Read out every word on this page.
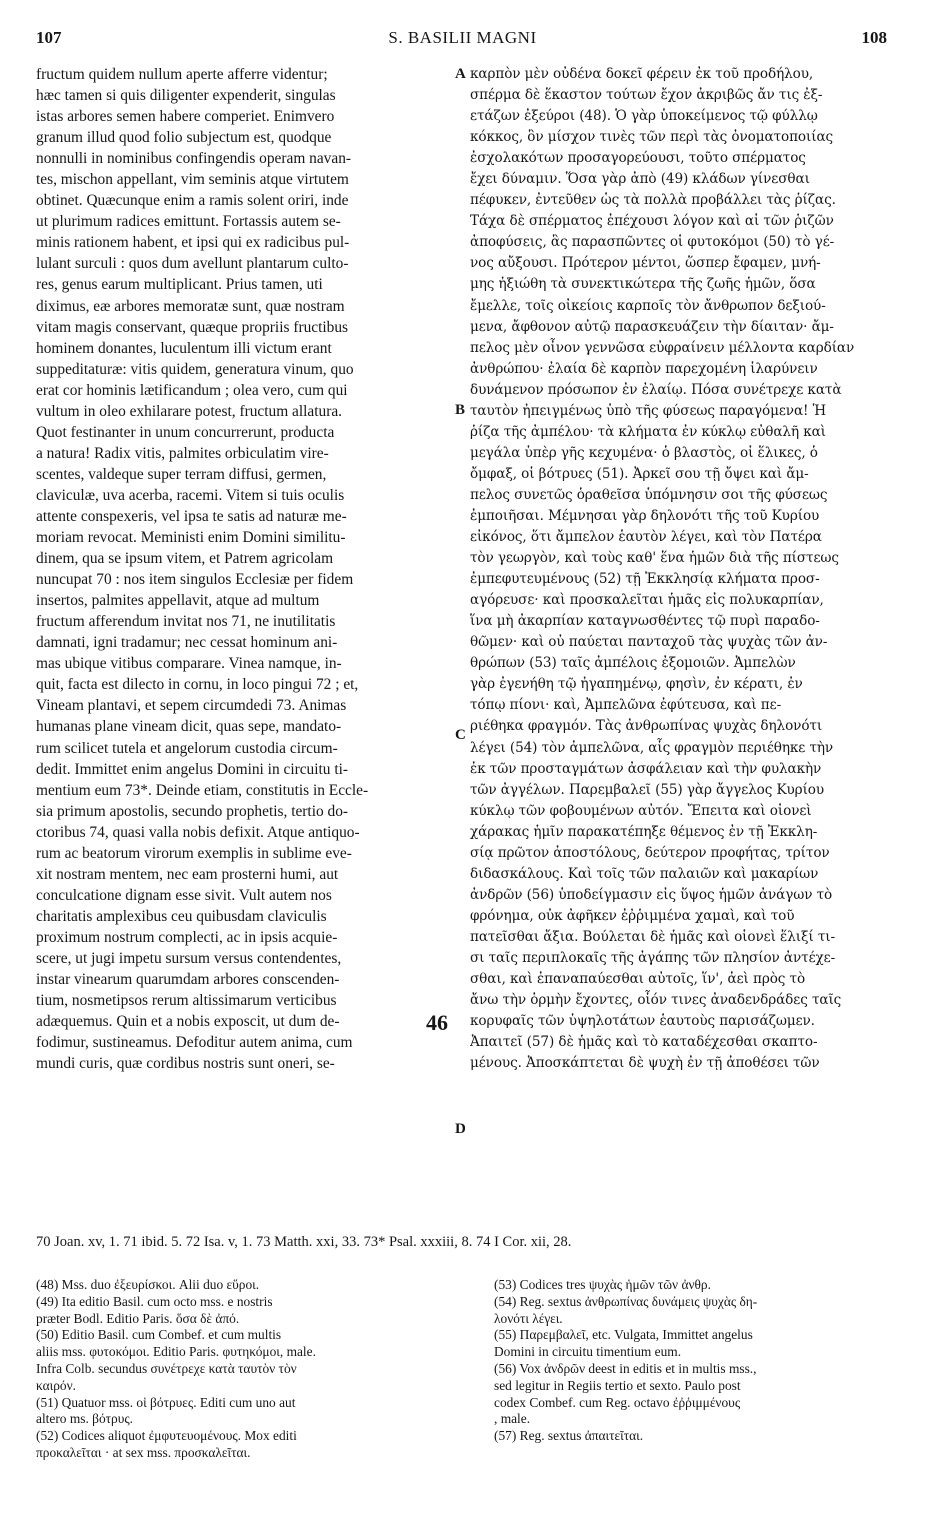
107	S. BASILII MAGNI	108
fructum quidem nullum aperte afferre videntur;
hæc tamen si quis diligenter expenderit, singulas
istas arbores semen habere comperiet. Enimvero
granum illud quod folio subjectum est, quodque
nonnulli in nominibus confingendis operam navan-
tes, mischon appellant, vim seminis atque virtutem
obtinet. Quæcunque enim a ramis solent oriri, inde
ut plurimum radices emittunt. Fortassis autem se-
minis rationem habent, et ipsi qui ex radicibus pul-
lulant surculi : quos dum avellunt plantarum culto-
res, genus earum multiplicant. Prius tamen, uti
diximus, eæ arbores memoratæ sunt, quæ nostram
vitam magis conservant, quæque propriis fructibus
hominem donantes, luculentum illi victum erant
suppeditaturæ: vitis quidem, generatura vinum, quo
erat cor hominis lætificandum ; olea vero, cum qui
vultum in oleo exhilarare potest, fructum allatura.
Quot festinanter in unum concurrerunt, producta
a natura! Radix vitis, palmites orbiculatim vire-
scentes, valdeque super terram diffusi, germen,
claviculæ, uva acerba, racemi. Vitem si tuis oculis
attente conspexeris, vel ipsa te satis ad naturæ me-
moriam revocat. Meministi enim Domini similitu-
dinem, qua se ipsum vitem, et Patrem agricolam
nuncupat 70 : nos item singulos Ecclesiæ per fidem
insertos, palmites appellavit, atque ad multum
fructum afferendum invitat nos 71, ne inutilitatis
damnati, igni tradamur; nec cessat hominum ani-
mas ubique vitibus comparare. Vinea namque, in-
quit, facta est dilecto in cornu, in loco pingui 72 ; et,
Vineam plantavi, et sepem circumdedi 73. Animas
humanas plane vineam dicit, quas sepe, mandato-
rum scilicet tutela et angelorum custodia circum-
dedit. Immittet enim angelus Domini in circuitu ti-
mentium eum 73*. Deinde etiam, constitutis in Eccle-
sia primum apostolis, secundo prophetis, tertio do-
ctoribus 74, quasi valla nobis defixit. Atque antiquo-
rum ac beatorum virorum exemplis in sublime eve-
xit nostram mentem, nec eam prosterni humi, aut
conculcatione dignam esse sivit. Vult autem nos
charitatis amplexibus ceu quibusdam claviculis
proximum nostrum complecti, ac in ipsis acquie-
scere, ut jugi impetu sursum versus contendentes,
instar vinearum quarumdam arbores conscenden-
tium, nosmetipsos rerum altissimarum verticibus
adæquemus. Quin et a nobis exposcit, ut dum de-
fodimur, sustineamus. Defoditur autem anima, cum
mundi curis, quæ cordibus nostris sunt oneri, se-
καρπὸν μὲν οὐδένα δοκεῖ φέρειν ἐκ τοῦ προδήλου,
σπέρμα δὲ ἕκαστον τούτων ἔχον ἀκριβῶς ἄν τις ἐξ-
ετάζων ἐξεύροι (48). Ὁ γὰρ ὑποκείμενος τῷ φύλλῳ
κόκκος, ὃν μίσχον τινὲς τῶν περὶ τὰς ὀνοματοποιίας
ἐσχολακότων προσαγορεύουσι, τοῦτο σπέρματος
ἔχει δύναμιν. Ὅσα γὰρ ἀπὸ (49) κλάδων γίνεσθαι
πέφυκεν, ἐντεῦθεν ὡς τὰ πολλὰ προβάλλει τὰς ῥίζας.
Τάχα δὲ σπέρματος ἐπέχουσι λόγον καὶ αἱ τῶν ῥιζῶν
ἀποφύσεις, ἃς παρασπῶντες οἱ φυτοκόμοι (50) τὸ γέ-
νος αὔξουσι. Πρότερον μέντοι, ὥσπερ ἔφαμεν, μνή-
μης ἠξιώθη τὰ συνεκτικώτερα τῆς ζωῆς ἡμῶν, ὅσα
ἔμελλε, τοῖς οἰκείοις καρποῖς τὸν ἄνθρωπον δεξιού-
μενα, ἄφθονον αὐτῷ παρασκευάζειν τὴν δίαιταν· ἄμ-
πελος μὲν οἶνον γεννῶσα εὐφραίνειν μέλλοντα καρδίαν
ἀνθρώπου· ἐλαία δὲ καρπὸν παρεχομένη ἱλαρύνειν
δυνάμενον πρόσωπον ἐν ἐλαίῳ. Πόσα συνέτρεχε κατὰ
ταυτὸν ἠπειγμένως ὑπὸ τῆς φύσεως παραγόμενα! Ἡ
ῥίζα τῆς ἀμπέλου· τὰ κλήματα ἐν κύκλῳ εὐθαλῆ καὶ
μεγάλα ὑπὲρ γῆς κεχυμένα· ὁ βλαστὸς, οἱ ἕλικες, ὁ
ὄμφαξ, οἱ βότρυες (51). Ἀρκεῖ σου τῇ ὄψει καὶ ἄμ-
πελος συνετῶς ὁραθεῖσα ὑπόμνησιν σοι τῆς φύσεως
ἐμποιῆσαι. Μέμνησαι γὰρ δηλονότι τῆς τοῦ Κυρίου
εἰκόνος, ὅτι ἄμπελον ἑαυτὸν λέγει, καὶ τὸν Πατέρα
τὸν γεωργὸν, καὶ τοὺς καθ' ἕνα ἡμῶν διὰ τῆς πίστεως
ἐμπεφυτευμένους (52) τῇ Ἐκκλησίᾳ κλήματα προσ-
αγόρευσε· καὶ προσκαλεῖται ἡμᾶς εἰς πολυκαρπίαν,
ἵνα μὴ ἀκαρπίαν καταγνωσθέντες τῷ πυρὶ παραδο-
θῶμεν· καὶ οὐ παύεται πανταχοῦ τὰς ψυχὰς τῶν ἀν-
θρώπων (53) ταῖς ἀμπέλοις ἐξομοιῶν. Ἀμπελὼν
γὰρ ἐγενήθη τῷ ἠγαπημένῳ, φησὶν, ἐν κέρατι, ἐν
τόπῳ πίονι· καὶ, Ἀμπελῶνα ἐφύτευσα, καὶ πε-
ριέθηκα φραγμόν. Τὰς ἀνθρωπίνας ψυχὰς δηλονότι
λέγει (54) τὸν ἀμπελῶνα, αἷς φραγμὸν περιέθηκε τὴν
ἐκ τῶν προσταγμάτων ἀσφάλειαν καὶ τὴν φυλακὴν
τῶν ἀγγέλων. Παρεμβαλεῖ (55) γὰρ ἄγγελος Κυρίου
κύκλῳ τῶν φοβουμένων αὐτόν. Ἔπειτα καὶ οἱονεὶ
χάρακας ἡμῖν παρακατέπηξε θέμενος ἐν τῇ Ἐκκλη-
σίᾳ πρῶτον ἀποστόλους, δεύτερον προφήτας, τρίτον
διδασκάλους. Καὶ τοῖς τῶν παλαιῶν καὶ μακαρίων
ἀνδρῶν (56) ὑποδείγμασιν εἰς ὕψος ἡμῶν ἀνάγων τὸ
φρόνημα, οὐκ ἀφῆκεν ἐῤῥιμμένα χαμαὶ, καὶ τοῦ
πατεῖσθαι ἄξια. Βούλεται δὲ ἡμᾶς καὶ οἱονεὶ ἕλιξί τι-
σι ταῖς περιπλοκαῖς τῆς ἀγάπης τῶν πλησίον ἀντέχε-
σθαι, καὶ ἐπαναπαύεσθαι αὐτοῖς, ἵν', ἀεὶ πρὸς τὸ
ἄνω τὴν ὁρμὴν ἔχοντες, οἷόν τινες ἀναδενδράδες ταῖς
κορυφαῖς τῶν ὑψηλοτάτων ἑαυτοὺς παρισάζωμεν.
Ἀπαιτεῖ (57) δὲ ἡμᾶς καὶ τὸ καταδέχεσθαι σκαπτο-
μένους. Ἀποσκάπτεται δὲ ψυχὴ ἐν τῇ ἀποθέσει τῶν
A
B
C
D
46
70 Joan. xv, 1. 71 ibid. 5. 72 Isa. v, 1. 73 Matth. xxi, 33. 73* Psal. xxxiii, 8. 74 I Cor. xii, 28.
(48) Mss. duo ἐξευρίσκοι. Alii duo εὕροι.
(49) Ita editio Basil. cum octo mss. e nostris
præter Bodl. Editio Paris. ὅσα δὲ ἀπό.
(50) Editio Basil. cum Combef. et cum multis
aliis mss. φυτοκόμοι. Editio Paris. φυτηκόμοι, male.
Infra Colb. secundus συνέτρεχε κατὰ ταυτὸν τὸν
καιρόν.
(51) Quatuor mss. οἱ βότρυες. Editi cum uno aut
altero ms. βότρυς.
(52) Codices aliquot ἐμφυτευομένους. Mox editi
προκαλεῖται · at sex mss. προσκαλεῖται.
(53) Codices tres ψυχὰς ἡμῶν τῶν ἀνθρ.
(54) Reg. sextus ἀνθρωπίνας δυνάμεις ψυχὰς δη-
λονότι λέγει.
(55) Παρεμβαλεῖ, etc. Vulgata, Immittet angelus
Domini in circuitu timentium eum.
(56) Vox ἀνδρῶν deest in editis et in multis mss.,
sed legitur in Regiis tertio et sexto. Paulo post
codex Combef. cum Reg. octavo ἐῤῥιμμένους
, male.
(57) Reg. sextus ἀπαιτεῖται.
